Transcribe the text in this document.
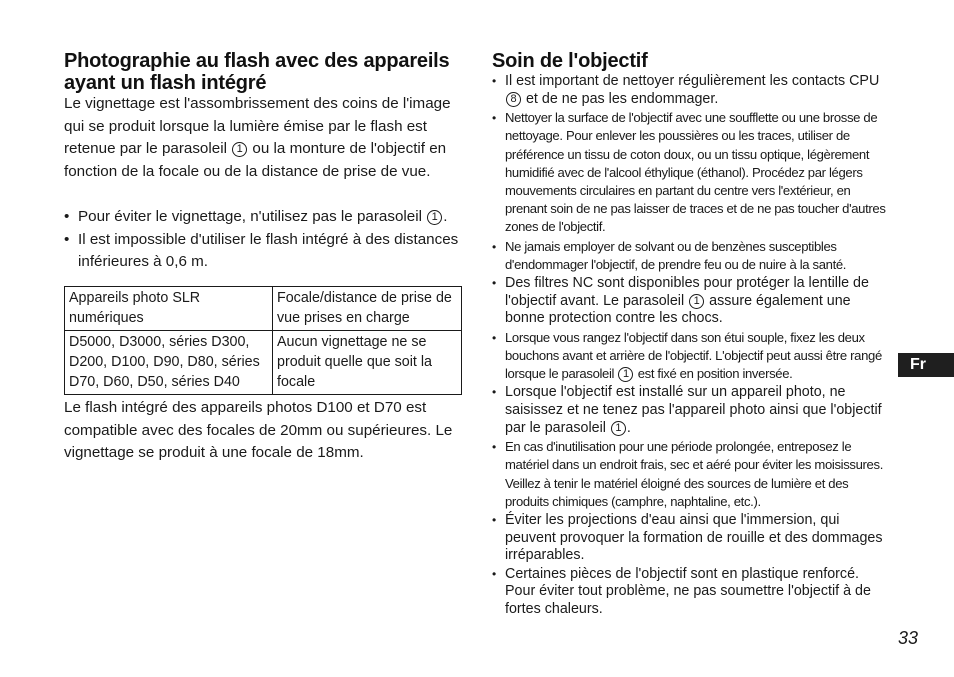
Photographie au flash avec des appareils ayant un flash intégré
Le vignettage est l'assombrissement des coins de l'image qui se produit lorsque la lumière émise par le flash est retenue par le parasoleil 1 ou la monture de l'objectif en fonction de la focale ou de la distance de prise de vue.
• Pour éviter le vignettage, n'utilisez pas le parasoleil 1 .
• Il est impossible d'utiliser le flash intégré à des distances inférieures à 0,6 m.
Appareils photo SLR numériques	Focale/distance de prise de vue prises en charge
D5000, D3000, séries D300, D200, D100, D90, D80, séries D70, D60, D50, séries D40	Aucun vignettage ne se produit quelle que soit la focale
Le flash intégré des appareils photos D100 et D70 est compatible avec des focales de 20mm ou supérieures. Le vignettage se produit à une focale de 18mm.
Soin de l'objectif
• Il est important de nettoyer régulièrement les contacts CPU 8 et de ne pas les endommager.
• Nettoyer la surface de l'objectif avec une soufflette ou une brosse de nettoyage. Pour enlever les poussières ou les traces, utiliser de préférence un tissu de coton doux, ou un tissu optique, légèrement humidifié avec de l'alcool éthylique (éthanol). Procédez par légers mouvements circulaires en partant du centre vers l'extérieur, en prenant soin de ne pas laisser de traces et de ne pas toucher d'autres zones de l'objectif.
• Ne jamais employer de solvant ou de benzènes susceptibles d'endommager l'objectif, de prendre feu ou de nuire à la santé.
• Des filtres NC sont disponibles pour protéger la lentille de l'objectif avant. Le parasoleil 1 assure également une bonne protection contre les chocs.
• Lorsque vous rangez l'objectif dans son étui souple, fixez les deux bouchons avant et arrière de l'objectif. L'objectif peut aussi être rangé lorsque le parasoleil 1 est fixé en position inversée.
• Lorsque l'objectif est installé sur un appareil photo, ne saisissez et ne tenez pas l'appareil photo ainsi que l'objectif par le parasoleil 1 .
• En cas d'inutilisation pour une période prolongée, entreposez le matériel dans un endroit frais, sec et aéré pour éviter les moisissures. Veillez à tenir le matériel éloigné des sources de lumière et des produits chimiques (camphre, naphtaline, etc.).
• Éviter les projections d'eau ainsi que l'immersion, qui peuvent provoquer la formation de rouille et des dommages irréparables.
• Certaines pièces de l'objectif sont en plastique renforcé. Pour éviter tout problème, ne pas soumettre l'objectif à de fortes chaleurs.
Fr
33
